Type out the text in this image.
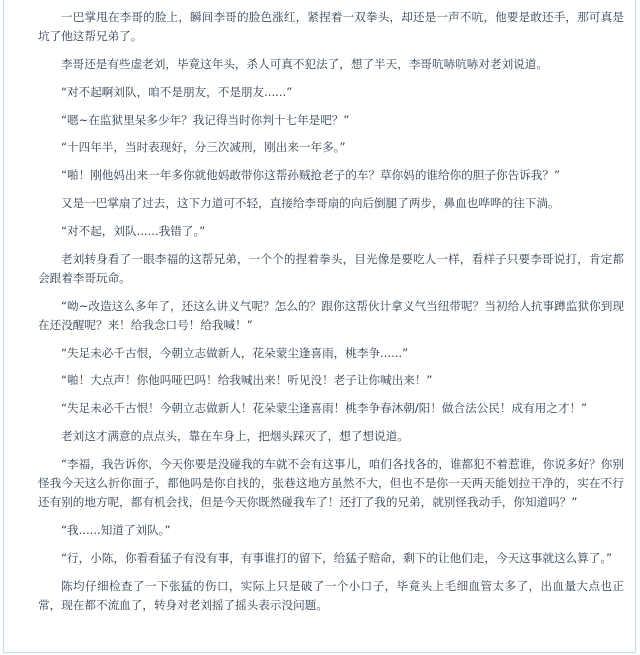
一巴掌甩在李哥的脸上，瞬间李哥的脸色涨红，紧捏着一双拳头，却还是一声不吭，他要是敢还手，那可真是坑了他这帮兄弟了。

李哥还是有些虚老刘，毕竟这年头，杀人可真不犯法了，想了半天，李哥吭哧吭哧对老刘说道。

“对不起啊刘队，咱不是朋友，不是朋友......”

“嗯~在监狱里呆多少年？我记得当时你判十七年是吧？”

“十四年半，当时表现好，分三次减刑，刚出来一年多。”

“啪！刚他妈出来一年多你就他妈敢带你这帮孙贼抢老子的车？草你妈的谁给你的胆子你告诉我？”

又是一巴掌扇了过去，这下力道可不轻，直接给李哥扇的向后倒腿了两步，鼻血也哗哗的往下淌。

“对不起，刘队......我错了。”

老刘转身看了一眼李福的这帮兄弟，一个个的捏着拳头，目光像是要吃人一样，看样子只要李哥说打，肯定都会跟着李哥玩命。

“呦~改造这么多年了，还这么讲义气呢？怎么的？跟你这帮伙计拿义气当纽带呢？当初给人抗事蹲监狱你到现在还没醒呢？来！给我念口号！给我喊！”

“失足未必千古恨，今朝立志做新人，花朵蒙尘逢喜雨，桃李争......”

“啪！大点声！你他吗哑巴吗！给我喊出来！听见没！老子让你喊出来！”

“失足未必千古恨！今朝立志做新人！花朵蒙尘逢喜雨！桃李争春沐朝/阳！做合法公民！成有用之才！”

老刘这才满意的点点头，靠在车身上，把烟头踩灭了，想了想说道。

“李福，我告诉你，今天你要是没碰我的车就不会有这事儿，咱们各找各的，谁都犯不着惹谁，你说多好？你别怪我今天这么折你面子，都他吗是你自找的，张巷这地方虽然不大，但也不是你一天两天能划拉干净的，实在不行还有别的地方呢，都有机会找，但是今天你既然碰我车了！还打了我的兄弟，就别怪我动手，你知道吗？”

“我......知道了刘队。”

“行，小陈，你看看猛子有没有事，有事谁打的留下，给猛子赔命，剩下的让他们走，今天这事就这么算了。”

陈均仔细检查了一下张猛的伤口，实际上只是破了一个小口子，毕竟头上毛细血管太多了，出血量大点也正常，现在都不流血了，转身对老刘摇了摇头表示没问题。
